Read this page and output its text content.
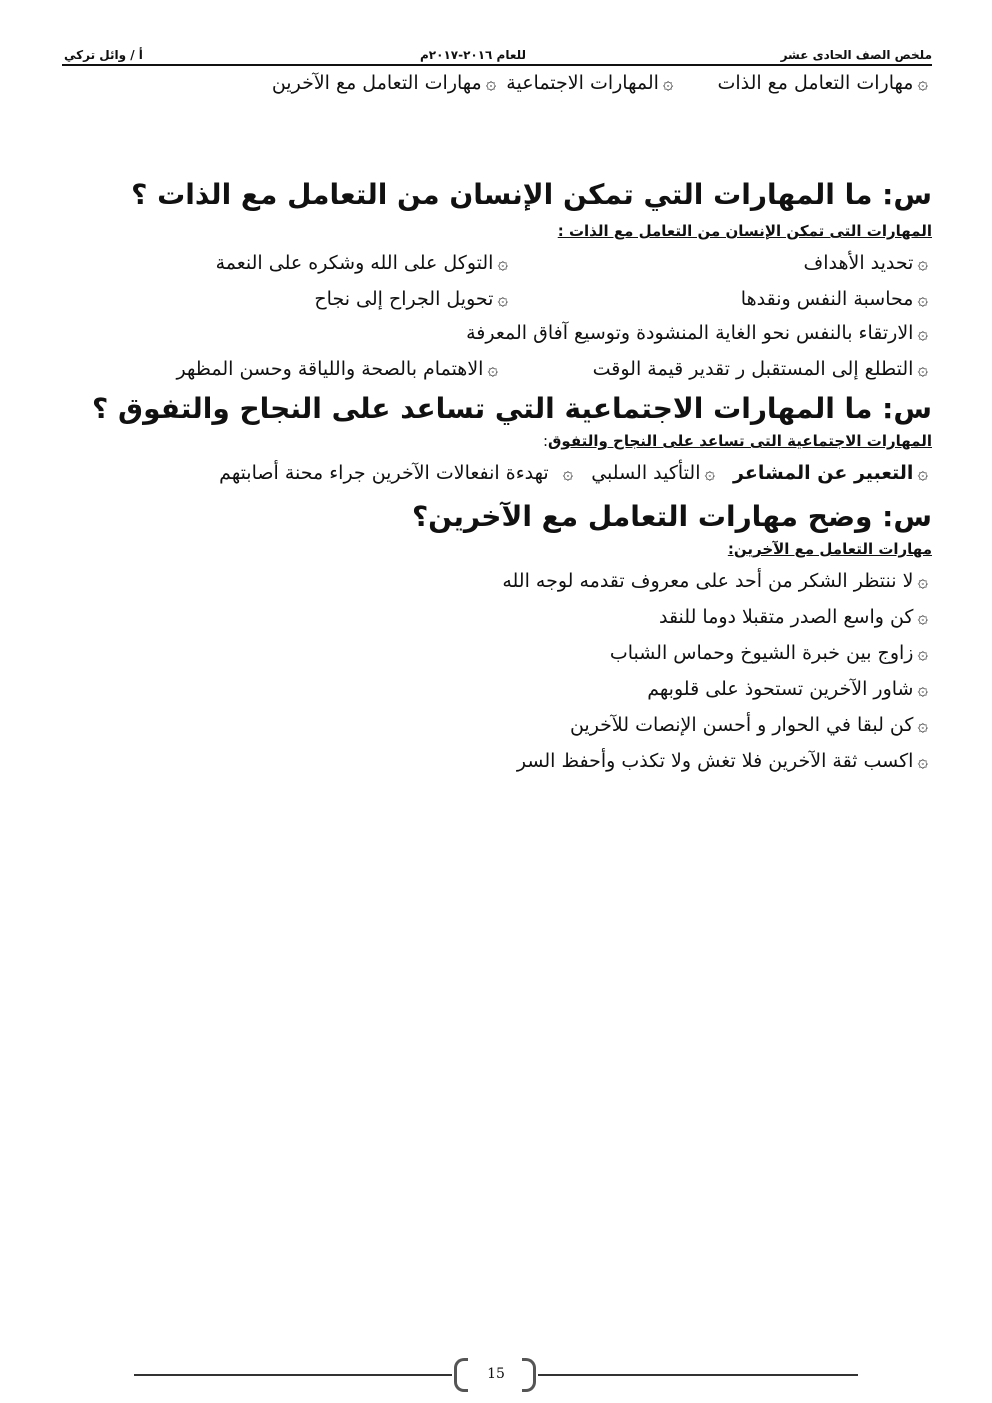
ملخص الصف الحادى عشر
للعام ٢٠١٦-٢٠١٧م
أ / وائل تركي
۞مهارات التعامل مع الذات۞المهارات الاجتماعية۞مهارات التعامل مع الآخرين
س: ما المهارات التي تمكن الإنسان من التعامل مع الذات ؟
المهارات التى تمكن الإنسان من التعامل مع الذات :
۞تحديد الأهداف
۞التوكل على الله وشكره على النعمة
۞محاسبة النفس ونقدها
۞تحويل الجراح إلى نجاح
۞الارتقاء بالنفس نحو الغاية المنشودة وتوسيع آفاق المعرفة
۞التطلع إلى المستقبل ر تقدير قيمة الوقت
۞الاهتمام بالصحة واللياقة وحسن المظهر
س: ما المهارات الاجتماعية التي تساعد على النجاح والتفوق ؟
المهارات الاجتماعية التى تساعد على النجاح والتفوق:
۞التعبير عن المشاعر۞التأكيد السلبي۞تهدءة انفعالات الآخرين جراء محنة أصابتهم
س: وضح مهارات التعامل مع الآخرين؟
مهارات التعامل مع الآخرين:
۞لا ننتظر الشكر من أحد على معروف تقدمه لوجه الله
۞كن واسع الصدر متقبلا دوما للنقد
۞زاوج بين خبرة الشيوخ وحماس الشباب
۞شاور الآخرين تستحوذ على قلوبهم
۞كن لبقا في الحوار و أحسن الإنصات للآخرين
۞اكسب ثقة الآخرين فلا تغش ولا تكذب وأحفظ السر
15
